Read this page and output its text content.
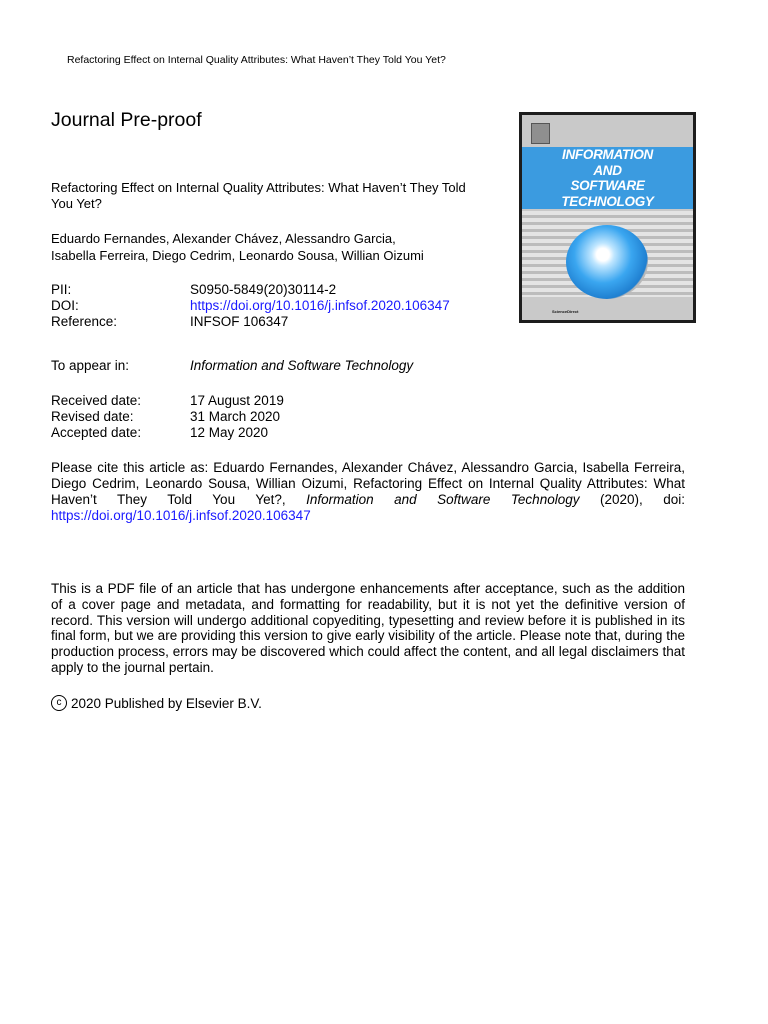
Refactoring Effect on Internal Quality Attributes: What Haven’t They Told You Yet?
Journal Pre-proof
Refactoring Effect on Internal Quality Attributes: What Haven’t They Told You Yet?
Eduardo Fernandes, Alexander Chávez, Alessandro Garcia,
Isabella Ferreira, Diego Cedrim, Leonardo Sousa, Willian Oizumi
PII:	S0950-5849(20)30114-2
DOI:	https://doi.org/10.1016/j.infsof.2020.106347
Reference:	INFSOF 106347
To appear in:	Information and Software Technology
Received date:	17 August 2019
Revised date:	31 March 2020
Accepted date:	12 May 2020
Please cite this article as: Eduardo Fernandes, Alexander Chávez, Alessandro Garcia, Isabella Ferreira, Diego Cedrim, Leonardo Sousa, Willian Oizumi, Refactoring Effect on Internal Quality Attributes: What Haven’t They Told You Yet?, Information and Software Technology (2020), doi: https://doi.org/10.1016/j.infsof.2020.106347
This is a PDF file of an article that has undergone enhancements after acceptance, such as the addition of a cover page and metadata, and formatting for readability, but it is not yet the definitive version of record. This version will undergo additional copyediting, typesetting and review before it is published in its final form, but we are providing this version to give early visibility of the article. Please note that, during the production process, errors may be discovered which could affect the content, and all legal disclaimers that apply to the journal pertain.
c 2020 Published by Elsevier B.V.
INFORMATION
AND
SOFTWARE
TECHNOLOGY
ScienceDirect
